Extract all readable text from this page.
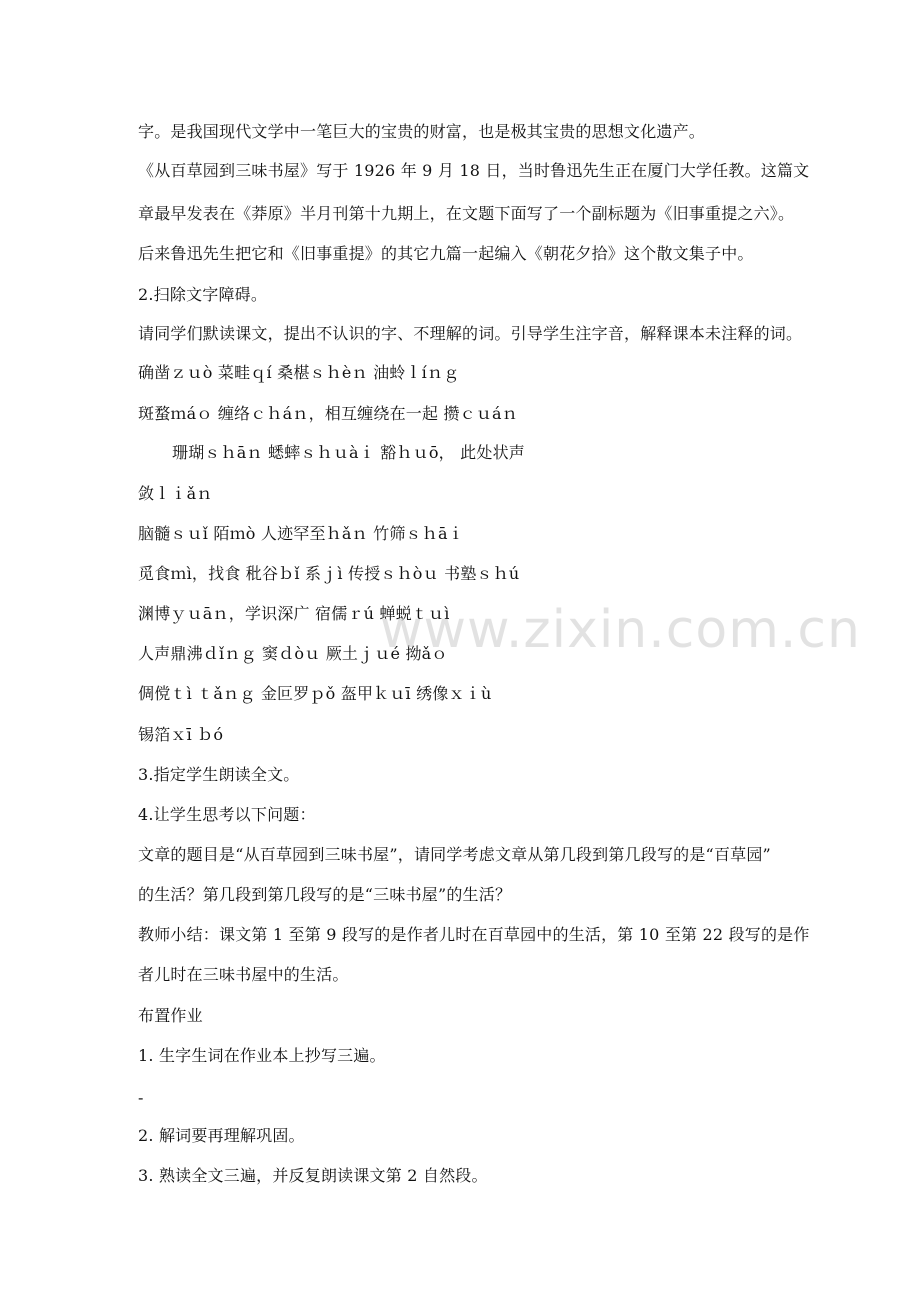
字。是我国现代文学中一笔巨大的宝贵的财富，也是极其宝贵的思想文化遗产。
《从百草园到三味书屋》写于 1926 年 9 月 18 日，当时鲁迅先生正在厦门大学任教。这篇文
章最早发表在《莽原》半月刊第十九期上，在文题下面写了一个副标题为《旧事重提之六》。
后来鲁迅先生把它和《旧事重提》的其它九篇一起编入《朝花夕拾》这个散文集子中。
2.扫除文字障碍。
请同学们默读课文，提出不认识的字、不理解的词。引导学生注字音，解释课本未注释的词。
确凿ｚｕò 菜畦ｑí 桑椹ｓｈèｎ 油蛉ｌíｎｇ
斑蝥ｍáｏ 缠络ｃｈáｎ，相互缠绕在一起 攒ｃｕáｎ
珊瑚ｓｈāｎ 蟋蟀ｓｈｕàｉ 豁ｈｕō， 此处状声
敛ｌｉǎｎ
脑髓ｓｕǐ 陌ｍò 人迹罕至ｈǎｎ 竹筛ｓｈāｉ
觅食ｍì，找食 秕谷ｂǐ 系ｊì 传授ｓｈòｕ 书塾ｓｈú
渊博ｙｕāｎ，学识深广 宿儒ｒú 蝉蜕ｔｕì
人声鼎沸ｄǐｎｇ 窦ｄòｕ 厥土ｊｕé 拗ǎｏ
倜傥ｔì ｔǎｎｇ 金叵罗ｐǒ 盔甲ｋｕī 绣像ｘｉù
锡箔ｘī ｂó
3.指定学生朗读全文。
4.让学生思考以下问题：
文章的题目是“从百草园到三味书屋”，请同学考虑文章从第几段到第几段写的是“百草园”
的生活？第几段到第几段写的是“三味书屋”的生活？
教师小结：课文第 1 至第 9 段写的是作者儿时在百草园中的生活，第 10 至第 22 段写的是作
者儿时在三味书屋中的生活。
布置作业
1. 生字生词在作业本上抄写三遍。
-
2. 解词要再理解巩固。
3. 熟读全文三遍，并反复朗读课文第 2 自然段。
www.zixin.com.cn
